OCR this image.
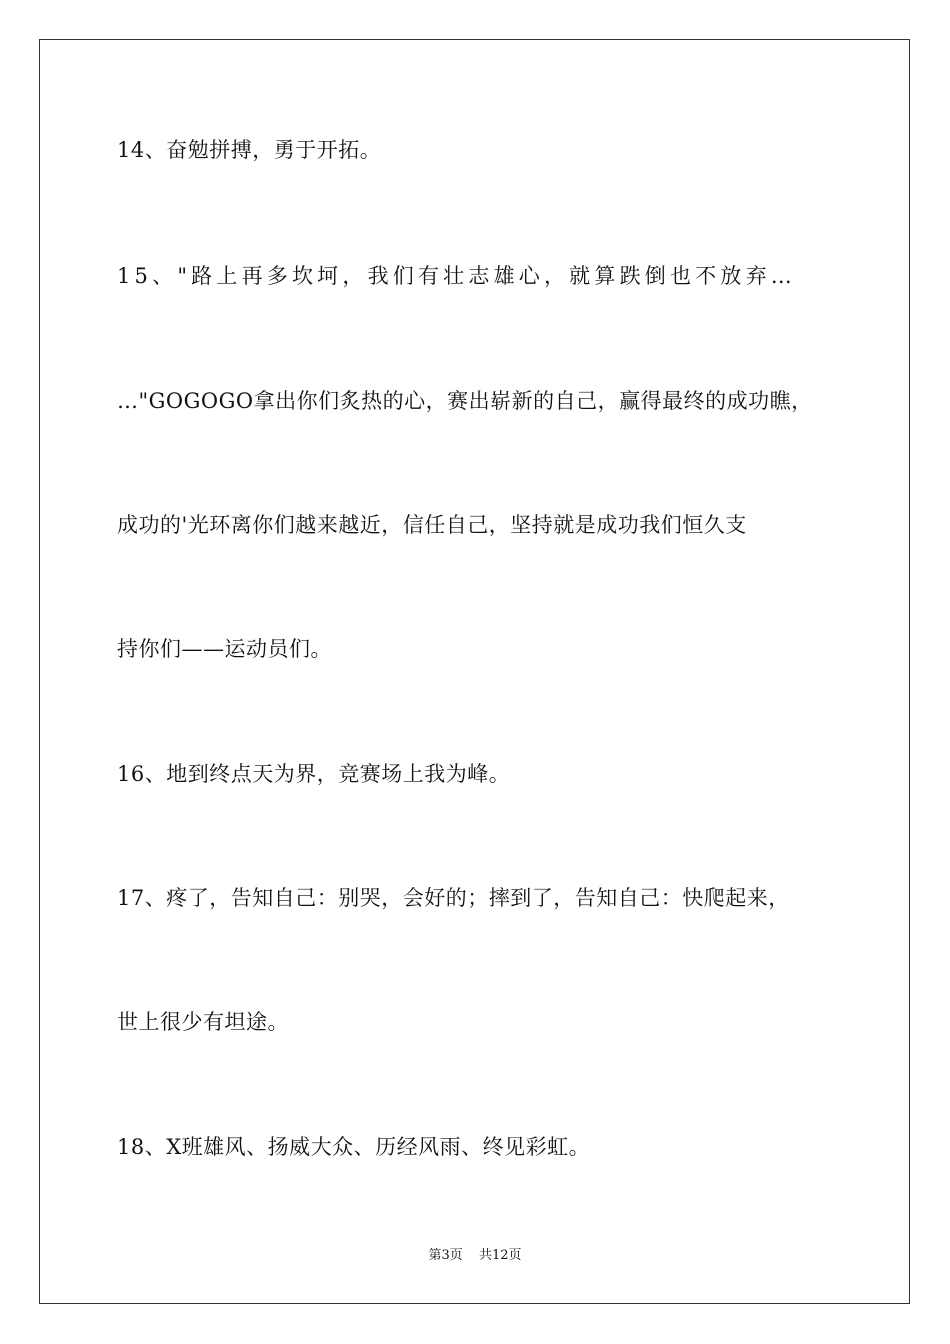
14、奋勉拼搏，勇于开拓。
15、"路上再多坎坷，我们有壮志雄心，就算跌倒也不放弃…
…"GOGOGO拿出你们炙热的心，赛出崭新的自己，赢得最终的成功瞧，
成功的'光环离你们越来越近，信任自己，坚持就是成功我们恒久支
持你们——运动员们。
16、地到终点天为界，竞赛场上我为峰。
17、疼了，告知自己：别哭，会好的；摔到了，告知自己：快爬起来，
世上很少有坦途。
18、X班雄风、扬威大众、历经风雨、终见彩虹。
第3页 共12页
